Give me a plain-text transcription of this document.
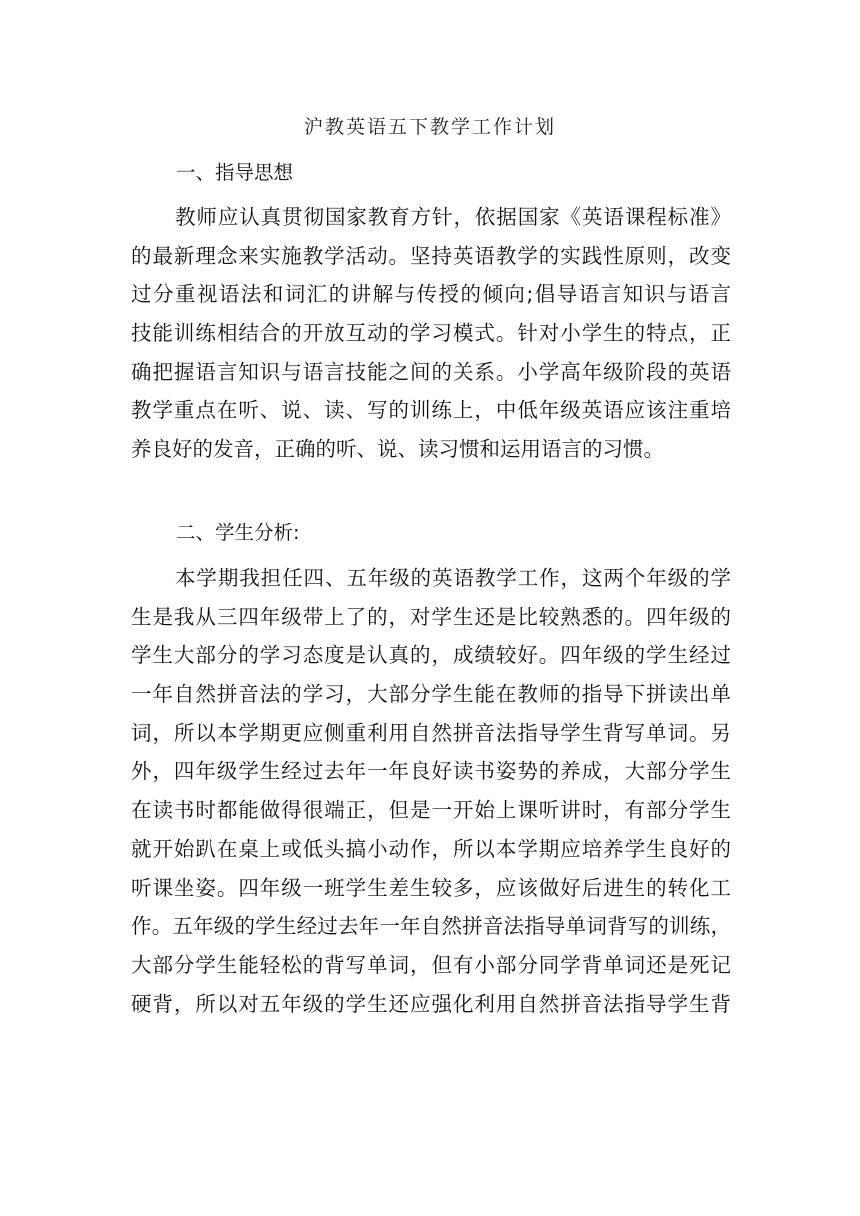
沪教英语五下教学工作计划
一、指导思想
教师应认真贯彻国家教育方针，依据国家《英语课程标准》
的最新理念来实施教学活动。坚持英语教学的实践性原则，改变
过分重视语法和词汇的讲解与传授的倾向;倡导语言知识与语言
技能训练相结合的开放互动的学习模式。针对小学生的特点，正
确把握语言知识与语言技能之间的关系。小学高年级阶段的英语
教学重点在听、说、读、写的训练上，中低年级英语应该注重培
养良好的发音，正确的听、说、读习惯和运用语言的习惯。
二、学生分析:
本学期我担任四、五年级的英语教学工作，这两个年级的学
生是我从三四年级带上了的，对学生还是比较熟悉的。四年级的
学生大部分的学习态度是认真的，成绩较好。四年级的学生经过
一年自然拼音法的学习，大部分学生能在教师的指导下拼读出单
词，所以本学期更应侧重利用自然拼音法指导学生背写单词。另
外，四年级学生经过去年一年良好读书姿势的养成，大部分学生
在读书时都能做得很端正，但是一开始上课听讲时，有部分学生
就开始趴在桌上或低头搞小动作，所以本学期应培养学生良好的
听课坐姿。四年级一班学生差生较多，应该做好后进生的转化工
作。五年级的学生经过去年一年自然拼音法指导单词背写的训练，
大部分学生能轻松的背写单词，但有小部分同学背单词还是死记
硬背，所以对五年级的学生还应强化利用自然拼音法指导学生背
